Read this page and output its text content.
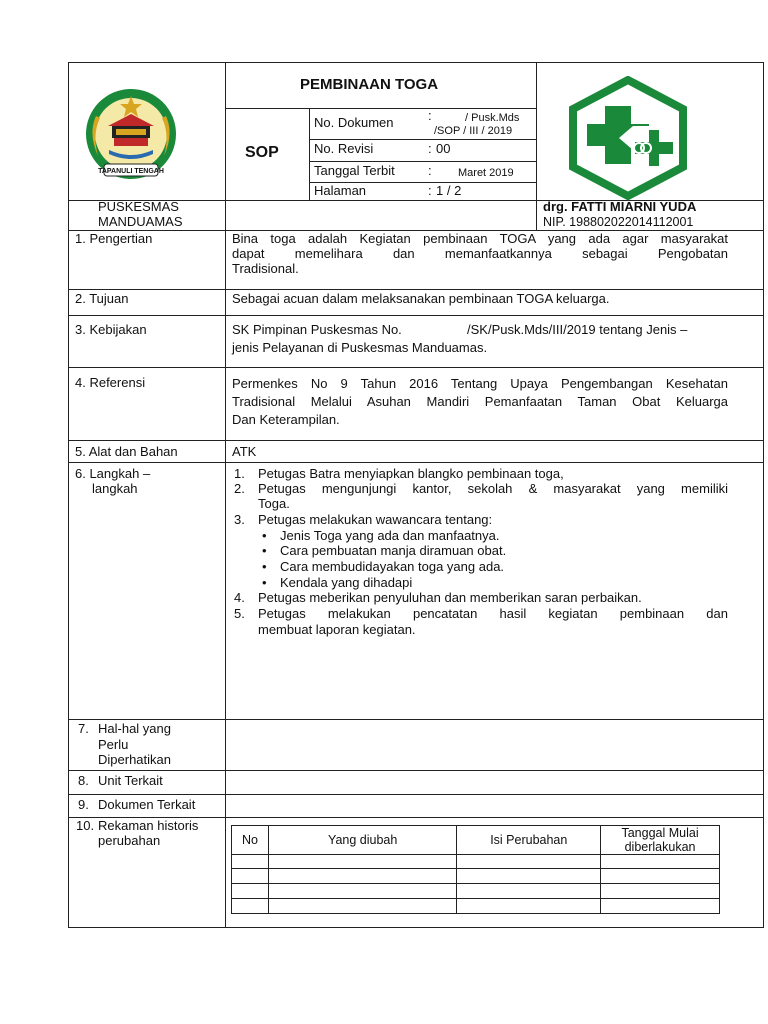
TAPANULI TENGAH
PEMBINAAN TOGA
SOP
No. Dokumen	:	/ Pusk.Mds
/SOP / III / 2019
No. Revisi	: 00
Tanggal Terbit	: Maret 2019
Halaman	: 1 / 2
PUSKESMAS
MANDUAMAS
drg. FATTI MIARNI YUDA
NIP. 198802022014112001
1. Pengertian	Bina toga adalah Kegiatan pembinaan TOGA yang ada agar masyarakat
dapat memelihara dan memanfaatkannya sebagai Pengobatan
Tradisional.
2. Tujuan	Sebagai acuan dalam melaksanakan pembinaan TOGA keluarga.
3. Kebijakan	SK Pimpinan Puskesmas No.	/SK/Pusk.Mds/III/2019 tentang Jenis –
jenis Pelayanan di Puskesmas Manduamas.
4. Referensi	Permenkes No 9 Tahun 2016 Tentang Upaya Pengembangan Kesehatan
Tradisional Melalui Asuhan Mandiri Pemanfaatan Taman Obat Keluarga
Dan Keterampilan.
5. Alat dan Bahan	ATK
6. Langkah –
langkah
1. Petugas Batra menyiapkan blangko pembinaan toga,
2. Petugas mengunjungi kantor, sekolah & masyarakat yang memiliki
Toga.
3. Petugas melakukan wawancara tentang:
• Jenis Toga yang ada dan manfaatnya.
• Cara pembuatan manja diramuan obat.
• Cara membudidayakan toga yang ada.
• Kendala yang dihadapi
4. Petugas meberikan penyuluhan dan memberikan saran perbaikan.
5. Petugas melakukan pencatatan hasil kegiatan pembinaan dan
membuat laporan kegiatan.
7. Hal-hal yang
Perlu
Diperhatikan
8. Unit Terkait
9. Dokumen Terkait
10. Rekaman historis
perubahan	No	Yang diubah	Isi Perubahan	Tanggal Mulai
diberlakukan
